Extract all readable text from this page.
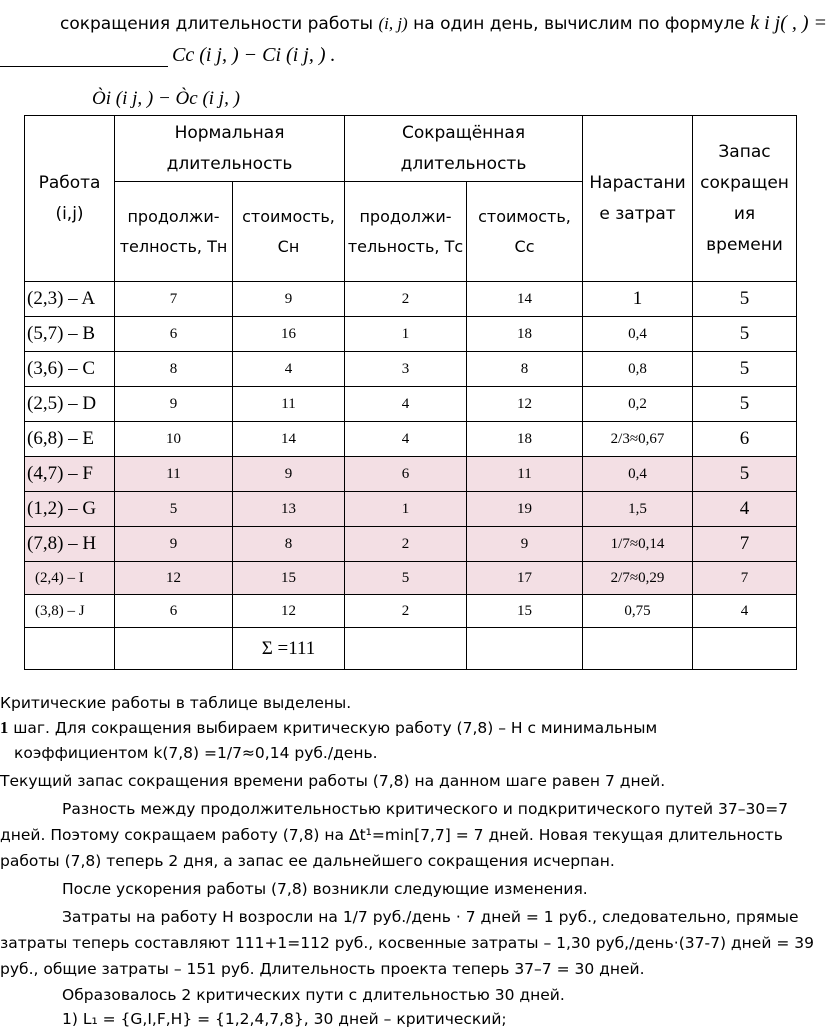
сокращения длительности работы (i, j) на один день, вычислим по формуле k i j( , ) =
Cc (i j, ) − Ci (i j, ) .
Òi (i j, ) − Òc (i j, )
Работа (i,j)	Нормальная длительность		Сокращённая длительность		Нарастани е затрат	Запас сокращен ия времени
	продолжи-телность, Тн	стоимость, Сн	продолжи-тельность, Тс	стоимость, Сс		
(2,3) – A	7	9	2	14	1	5
(5,7) – B	6	16	1	18	0,4	5
(3,6) – C	8	4	3	8	0,8	5
(2,5) – D	9	11	4	12	0,2	5
(6,8) – E	10	14	4	18	2/3≈0,67	6
(4,7) – F	11	9	6	11	0,4	5
(1,2) – G	5	13	1	19	1,5	4
(7,8) – H	9	8	2	9	1/7≈0,14	7
(2,4) – I	12	15	5	17	2/7≈0,29	7
(3,8) – J	6	12	2	15	0,75	4
		Σ =111				
Критические работы в таблице выделены.
1 шаг. Для сокращения выбираем критическую работу (7,8) – H с минимальным
коэффициентом k(7,8) =1/7≈0,14 руб./день.
Текущий запас сокращения времени работы (7,8) на данном шаге равен 7 дней.
Разность между продолжительностью критического и подкритического путей 37–30=7
дней. Поэтому сокращаем работу (7,8) на Δt¹=min[7,7] = 7 дней. Новая текущая длительность
работы (7,8) теперь 2 дня, а запас ее дальнейшего сокращения исчерпан.
После ускорения работы (7,8) возникли следующие изменения.
Затраты на работу H возросли на 1/7 руб./день · 7 дней = 1 руб., следовательно, прямые
затраты теперь составляют 111+1=112 руб., косвенные затраты – 1,30 руб,/день·(37-7) дней = 39
руб., общие затраты – 151 руб. Длительность проекта теперь 37–7 = 30 дней.
Образовалось 2 критических пути с длительностью 30 дней.
1) L₁ = {G,I,F,H} = {1,2,4,7,8}, 30 дней – критический;
